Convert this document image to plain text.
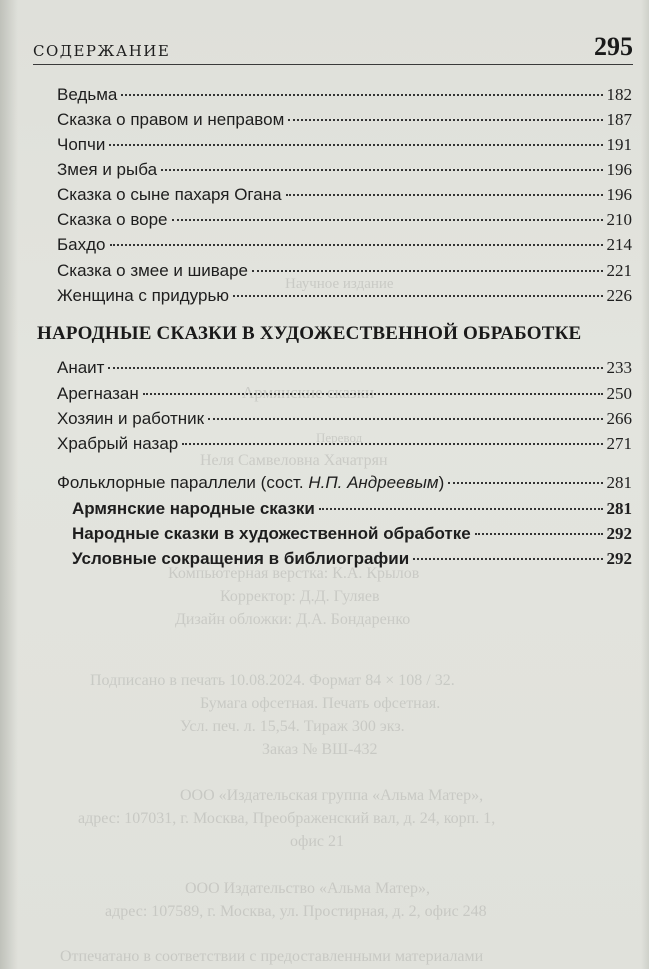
Научное издание
Армянские сказки
Перевод
Неля Самвеловна Хачатрян
Компьютерная верстка: К.А. Крылов
Корректор: Д.Д. Гуляев
Дизайн обложки: Д.А. Бондаренко
Подписано в печать 10.08.2024. Формат 84 × 108 / 32.
Бумага офсетная. Печать офсетная.
Усл. печ. л. 15,54. Тираж 300 экз.
Заказ № ВШ-432
ООО «Издательская группа «Альма Матер»,
адрес: 107031, г. Москва, Преображенский вал, д. 24, корп. 1,
офис 21
ООО Издательство «Альма Матер»,
адрес: 107589, г. Москва, ул. Простирная, д. 2, офис 248
Отпечатано в соответствии с предоставленными материалами
СОДЕРЖАНИЕ	295
Ведьма	182
Сказка о правом и неправом	187
Чопчи	191
Змея и рыба	196
Сказка о сыне пахаря Огана	196
Сказка о воре	210
Бахдо	214
Сказка о змее и шиваре	221
Женщина с придурью	226
НАРОДНЫЕ СКАЗКИ В ХУДОЖЕСТВЕННОЙ ОБРАБОТКЕ
Анаит	233
Арегназан	250
Хозяин и работник	266
Храбрый назар	271
Фольклорные параллели (сост. Н.П. Андреевым)	281
Армянские народные сказки	281
Народные сказки в художественной обработке	292
Условные сокращения в библиографии	292
